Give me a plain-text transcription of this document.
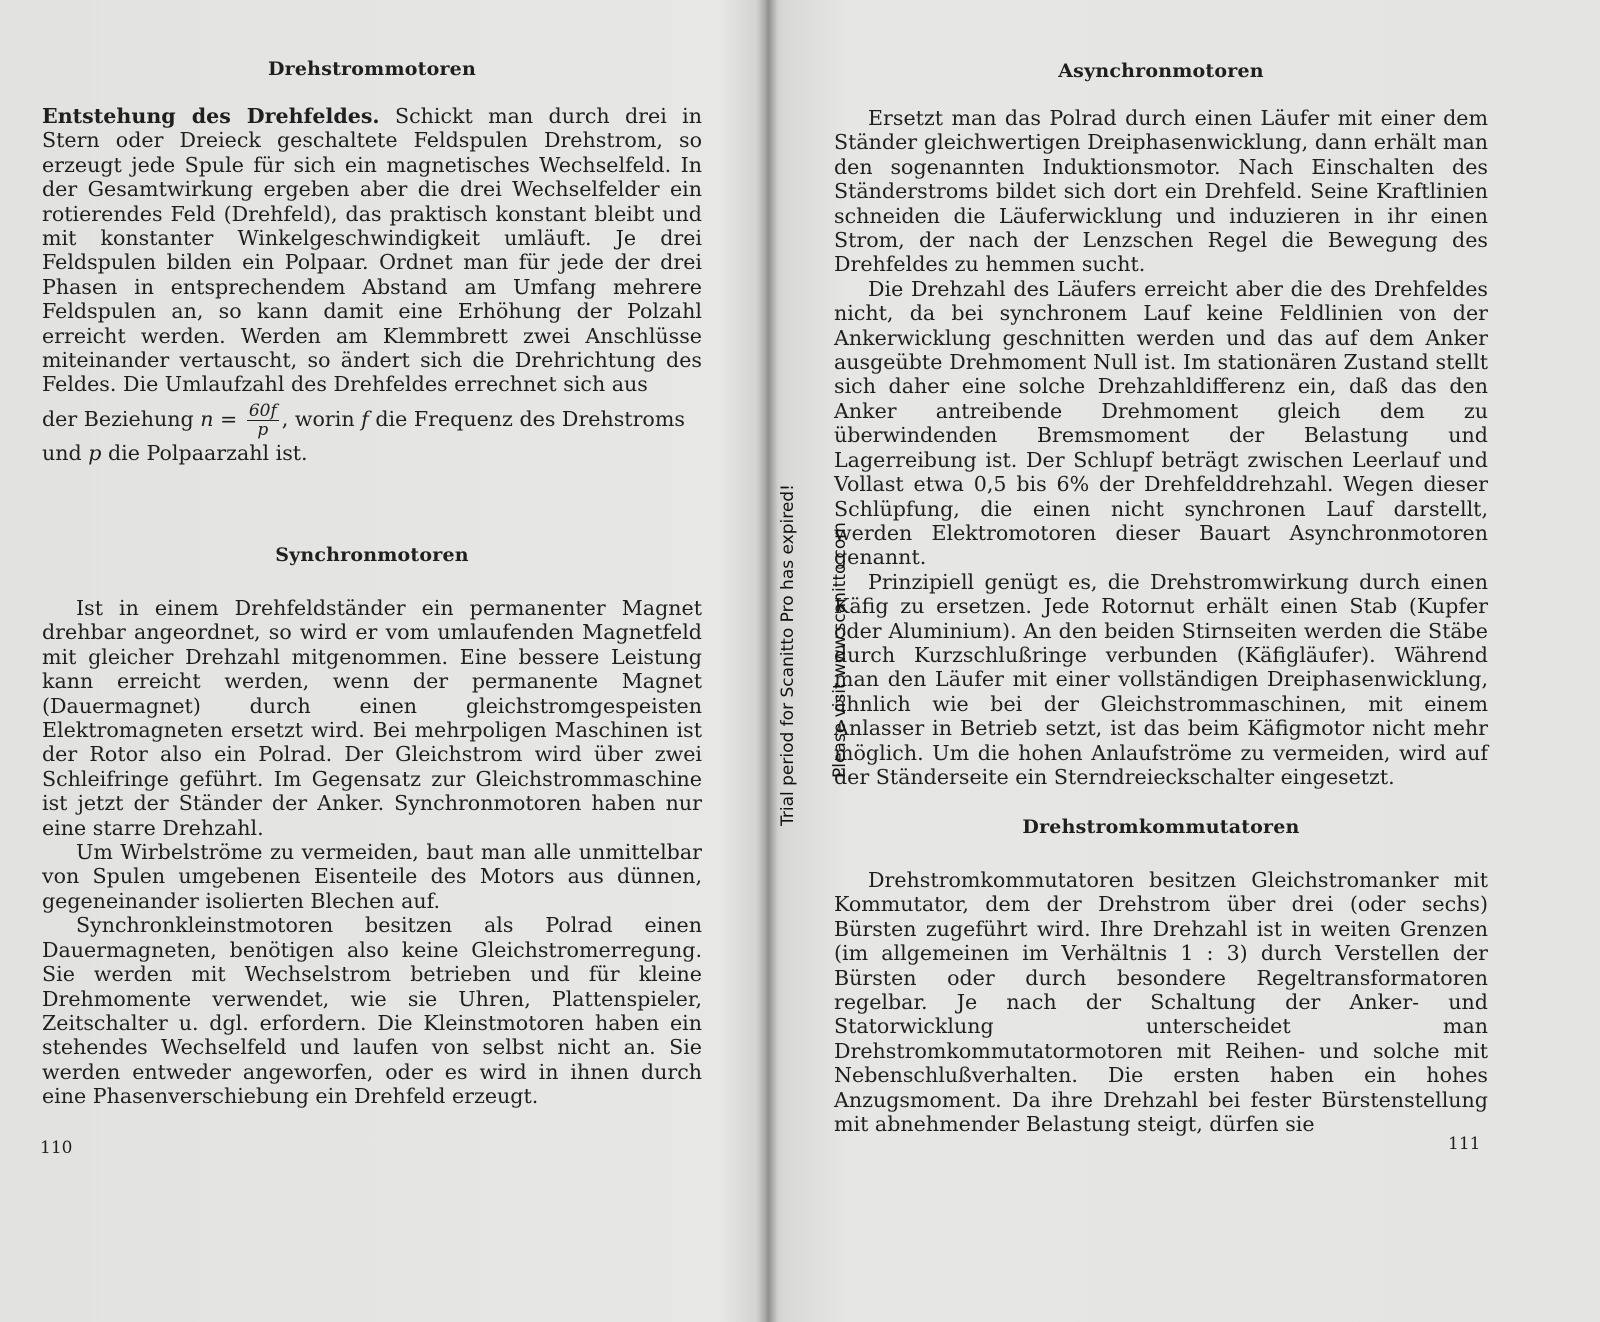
Drehstrommotoren

Entstehung des Drehfeldes. Schickt man durch drei in Stern oder Dreieck geschaltete Feldspulen Drehstrom, so erzeugt jede Spule für sich ein magnetisches Wechselfeld. In der Gesamtwirkung ergeben aber die drei Wechselfelder ein rotierendes Feld (Drehfeld), das praktisch konstant bleibt und mit konstanter Winkelgeschwindigkeit umläuft. Je drei Feldspulen bilden ein Polpaar. Ordnet man für jede der drei Phasen in entsprechendem Abstand am Umfang mehrere Feldspulen an, so kann damit eine Erhöhung der Polzahl erreicht werden. Werden am Klemmbrett zwei Anschlüsse miteinander vertauscht, so ändert sich die Drehrichtung des Feldes. Die Umlaufzahl des Drehfeldes errechnet sich aus

der Beziehung $n = \frac{60f}{p}$ , worin f die Frequenz des Drehstroms

und p die Polpaarzahl ist.

Synchronmotoren

Ist in einem Drehfeldständer ein permanenter Magnet drehbar angeordnet, so wird er vom umlaufenden Magnetfeld mit gleicher Drehzahl mitgenommen. Eine bessere Leistung kann erreicht werden, wenn der permanente Magnet (Dauermagnet) durch einen gleichstromgespeisten Elektromagneten ersetzt wird. Bei mehrpoligen Maschinen ist der Rotor also ein Polrad. Der Gleichstrom wird über zwei Schleifringe geführt. Im Gegensatz zur Gleichstrommaschine ist jetzt der Ständer der Anker. Synchronmotoren haben nur eine starre Drehzahl.

Um Wirbelströme zu vermeiden, baut man alle unmittelbar von Spulen umgebenen Eisenteile des Motors aus dünnen, gegeneinander isolierten Blechen auf.

Synchronkleinstmotoren besitzen als Polrad einen Dauermagneten, benötigen also keine Gleichstromerregung. Sie werden mit Wechselstrom betrieben und für kleine Drehmomente verwendet, wie sie Uhren, Plattenspieler, Zeitschalter u. dgl. erfordern. Die Kleinstmotoren haben ein stehendes Wechselfeld und laufen von selbst nicht an. Sie werden entweder angeworfen, oder es wird in ihnen durch eine Phasenverschiebung ein Drehfeld erzeugt.

110
Asynchronmotoren

Ersetzt man das Polrad durch einen Läufer mit einer dem Ständer gleichwertigen Dreiphasenwicklung, dann erhält man den sogenannten Induktionsmotor. Nach Einschalten des Ständerstroms bildet sich dort ein Drehfeld. Seine Kraftlinien schneiden die Läuferwicklung und induzieren in ihr einen Strom, der nach der Lenzschen Regel die Bewegung des Drehfeldes zu hemmen sucht.

Die Drehzahl des Läufers erreicht aber die des Drehfeldes nicht, da bei synchronem Lauf keine Feldlinien von der Ankerwicklung geschnitten werden und das auf dem Anker ausgeübte Drehmoment Null ist. Im stationären Zustand stellt sich daher eine solche Drehzahldifferenz ein, daß das den Anker antreibende Drehmoment gleich dem zu überwindenden Bremsmoment der Belastung und Lagerreibung ist. Der Schlupf beträgt zwischen Leerlauf und Vollast etwa 0,5 bis 6% der Drehfelddrehzahl. Wegen dieser Schlüpfung, die einen nicht synchronen Lauf darstellt, werden Elektromotoren dieser Bauart Asynchronmotoren genannt.

Prinzipiell genügt es, die Drehstromwirkung durch einen Käfig zu ersetzen. Jede Rotornut erhält einen Stab (Kupfer oder Aluminium). An den beiden Stirnseiten werden die Stäbe durch Kurzschlußringe verbunden (Käfigläufer). Während man den Läufer mit einer vollständigen Dreiphasenwicklung, ähnlich wie bei der Gleichstrommaschinen, mit einem Anlasser in Betrieb setzt, ist das beim Käfigmotor nicht mehr möglich. Um die hohen Anlaufströme zu vermeiden, wird auf der Ständerseite ein Sterndreieckschalter eingesetzt.

Drehstromkommutatoren

Drehstromkommutatoren besitzen Gleichstromanker mit Kommutator, dem der Drehstrom über drei (oder sechs) Bürsten zugeführt wird. Ihre Drehzahl ist in weiten Grenzen (im allgemeinen im Verhältnis 1 : 3) durch Verstellen der Bürsten oder durch besondere Regeltransformatoren regelbar. Je nach der Schaltung der Anker- und Statorwicklung unterscheidet man Drehstromkommutatormotoren mit Reihen- und solche mit Nebenschlußverhalten. Die ersten haben ein hohes Anzugsmoment. Da ihre Drehzahl bei fester Bürstenstellung mit abnehmender Belastung steigt, dürfen sie

111
Trial period for Scanitto Pro has expired! Please visit www.scanitto.com
